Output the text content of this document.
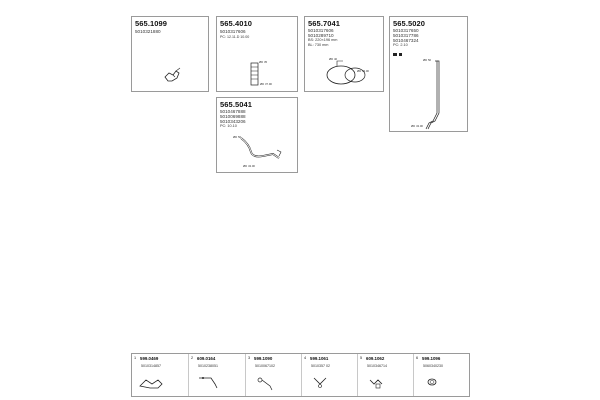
565.1099
5010321880
565.4010
5010317606
PC: 12.11.D 10.00
ØD 35
ØD 37.90
565.7041
5010317606
5010289710
BS: 220×196 mm
BL: 730 mm
ØD 40
ØD 43.00
565.5020
5010317650
5010317786
5010467324
PC: 2.10
ØD 50
ØD 43.00
565.5041
5010467888
5010069888
5010343206
PC: 10.10
ØD 50
ØD 43.00
1 599.0469
5010314857
2 609.0164
5010238051
3 599.1090
5010067102
4 599.1061
5010357 02
5 609.1062
5010346714
6 599.1096
5060340230
